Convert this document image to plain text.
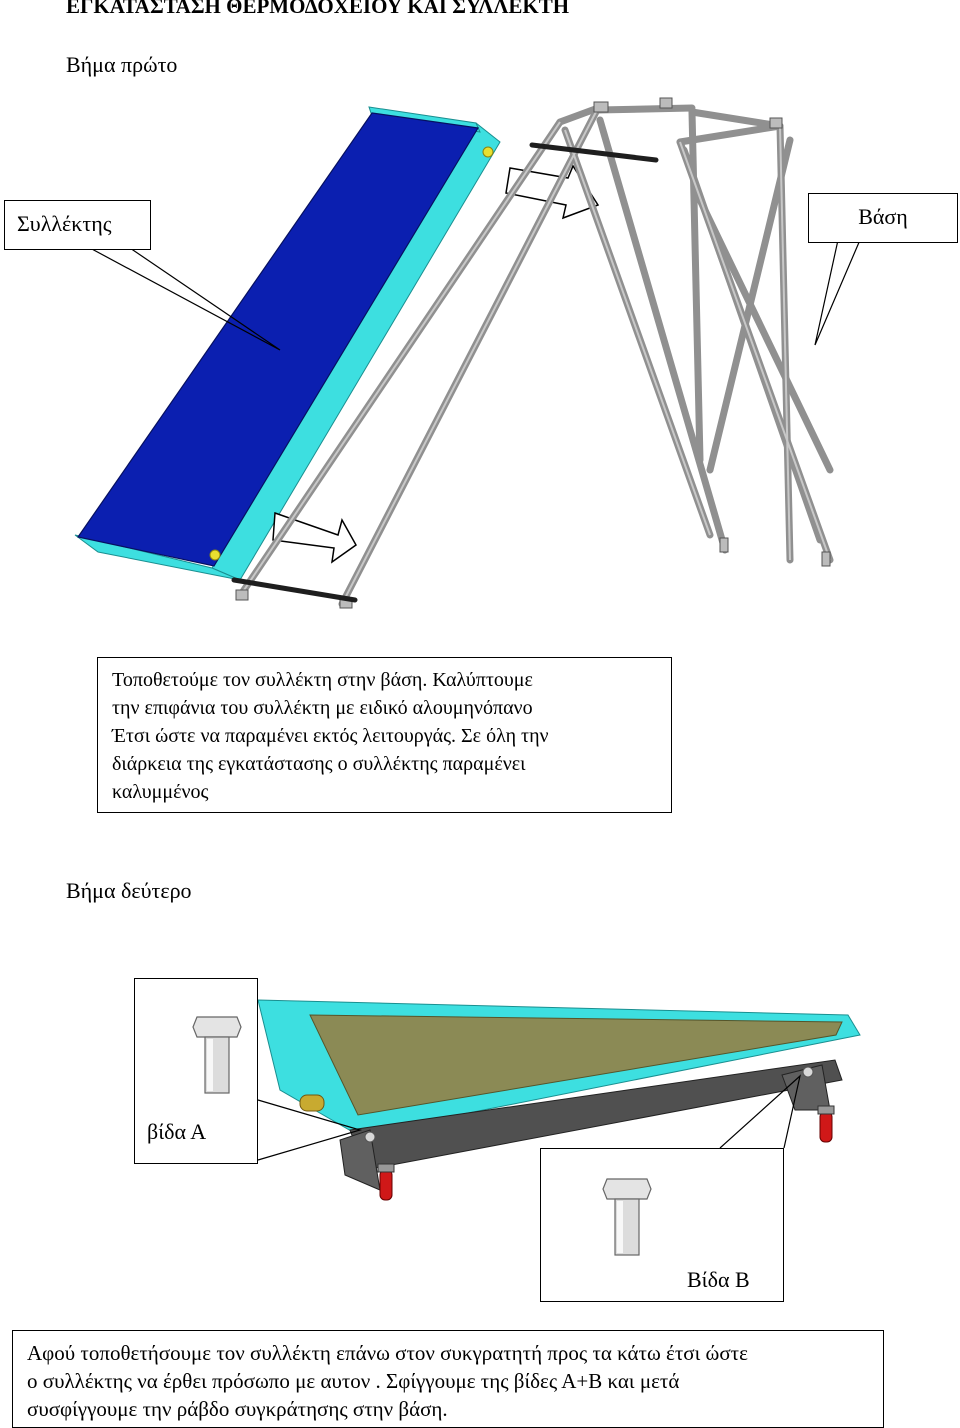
ΕΓΚΑΤΑΣΤΑΣΗ ΘΕΡΜΟΔΟΧΕΙΟΥ ΚΑΙ ΣΥΛΛΕΚΤΗ
Βήμα πρώτο
Συλλέκτης	Βάση
Τοποθετούμε τον συλλέκτη στην βάση. Καλύπτουμε
την επιφάνια του συλλέκτη με ειδικό αλουμηνόπανο
Έτσι ώστε να παραμένει εκτός λειτουργάς. Σε όλη την
διάρκεια της εγκατάστασης ο συλλέκτης παραμένει
καλυμμένος
Βήμα δεύτερο
βίδα Α
Βίδα Β
Αφού τοποθετήσουμε τον συλλέκτη επάνω στον συκγρατητή προς τα κάτω έτσι ώστε
ο συλλέκτης να έρθει πρόσωπο με αυτον . Σφίγγουμε της βίδες Α+Β και μετά
συσφίγγουμε την ράβδο συγκράτησης στην βάση.
